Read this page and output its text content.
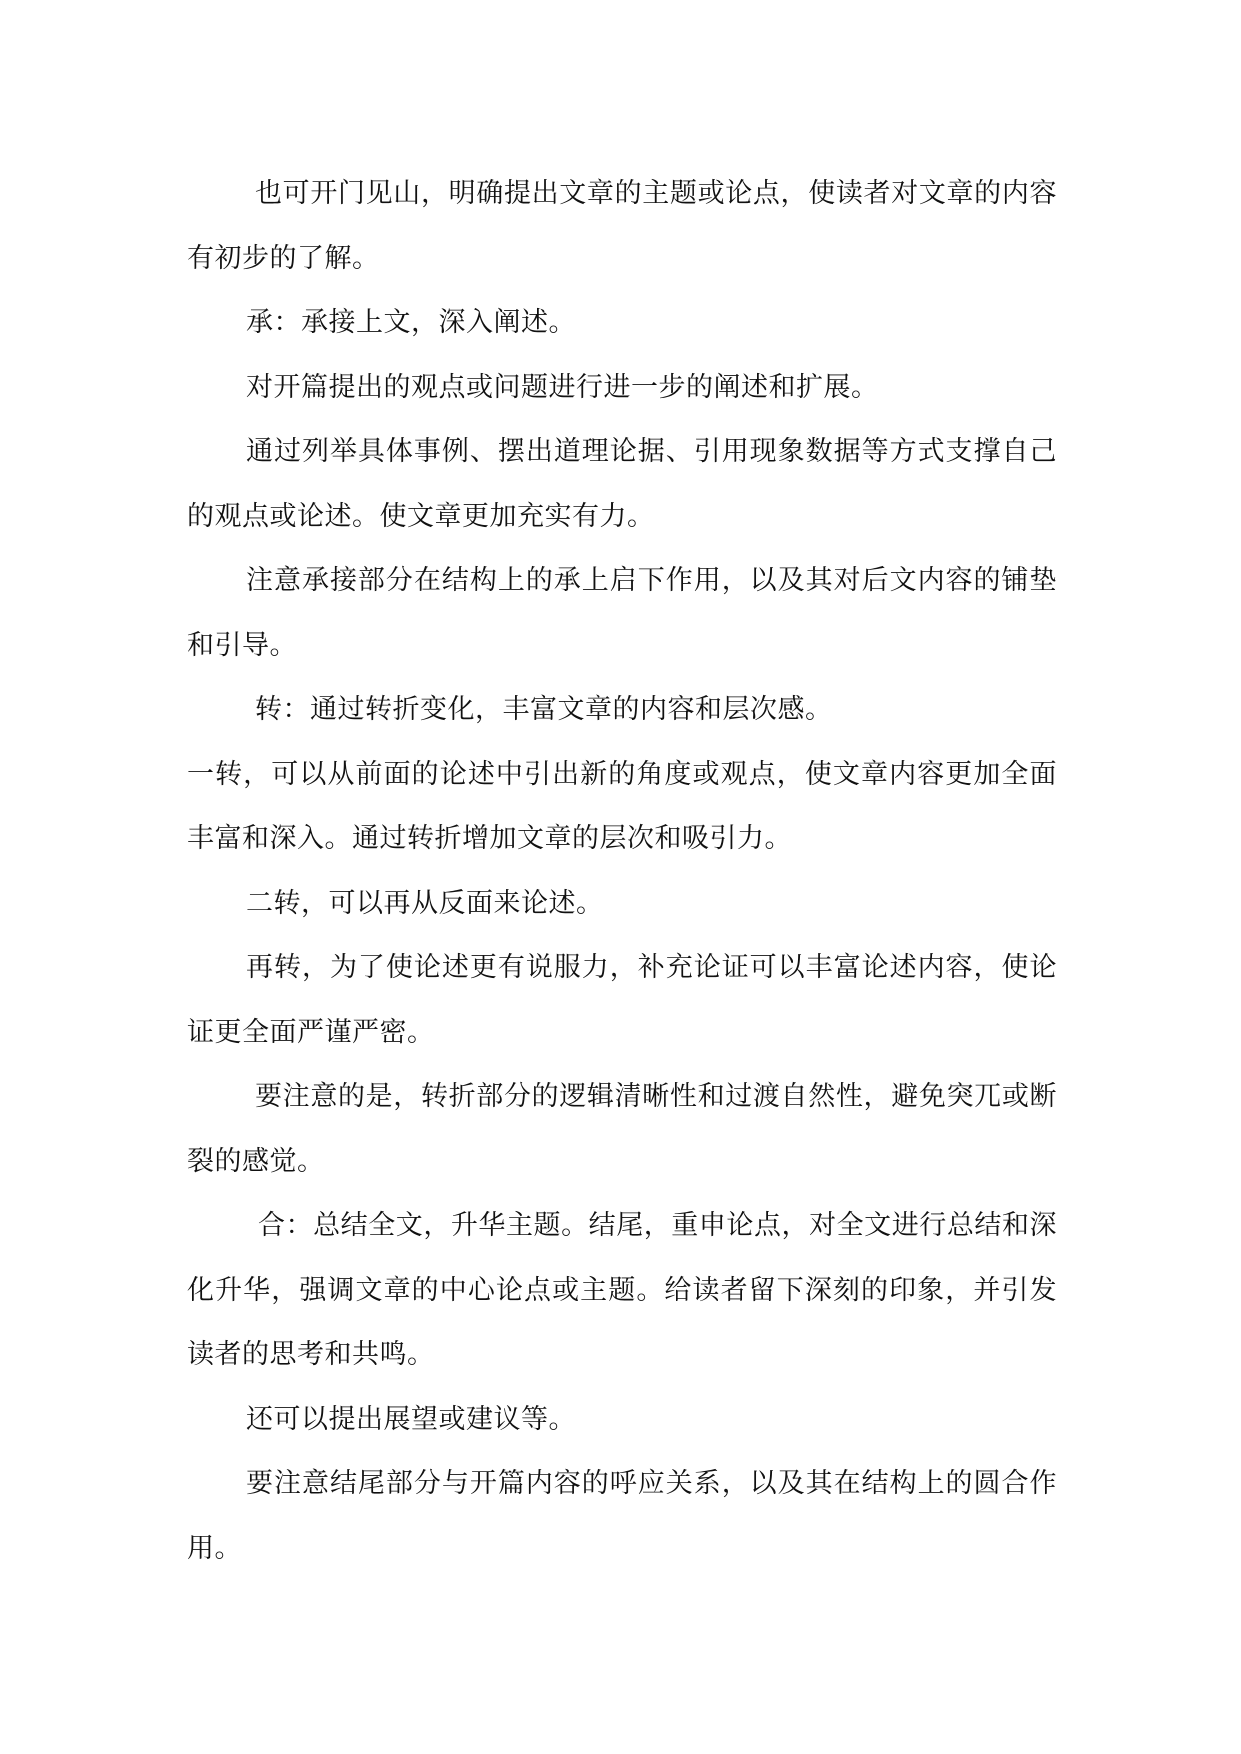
也可开门见山，明确提出文章的主题或论点，使读者对文章的内容有初步的了解。

承：承接上文，深入阐述。

对开篇提出的观点或问题进行进一步的阐述和扩展。

通过列举具体事例、摆出道理论据、引用现象数据等方式支撑自己的观点或论述。使文章更加充实有力。

注意承接部分在结构上的承上启下作用，以及其对后文内容的铺垫和引导。

转：通过转折变化，丰富文章的内容和层次感。

一转，可以从前面的论述中引出新的角度或观点，使文章内容更加全面丰富和深入。通过转折增加文章的层次和吸引力。

二转，可以再从反面来论述。

再转，为了使论述更有说服力，补充论证可以丰富论述内容，使论证更全面严谨严密。

要注意的是，转折部分的逻辑清晰性和过渡自然性，避免突兀或断裂的感觉。

合：总结全文，升华主题。结尾，重申论点，对全文进行总结和深化升华，强调文章的中心论点或主题。给读者留下深刻的印象，并引发读者的思考和共鸣。

还可以提出展望或建议等。

要注意结尾部分与开篇内容的呼应关系，以及其在结构上的圆合作用。
